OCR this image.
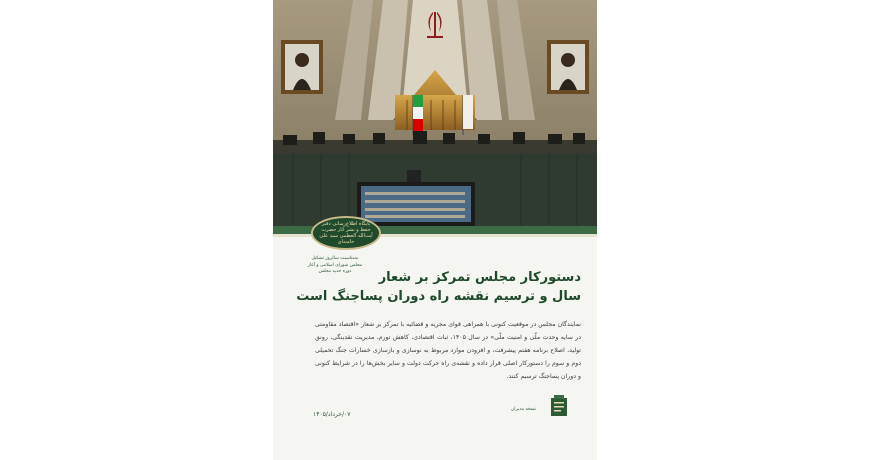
پایگاه اطلاع‌رسانی دفتر حفظ و نشر آثار حضرت آیت‌الله العظمی سید علی خامنه‌ای
به‌مناسبت سالروز تشکیل مجلس شورای اسلامی و آغاز دوره جدید مجلس	دستورکار مجلس تمرکز بر شعار
سال و ترسیم نقشه راه دوران پساجنگ است

نمایندگان مجلس در موقعیت کنونی با همراهی قوای مجریه و قضائیه با تمرکز بر شعار «اقتصاد مقاومتی در سایه وحدت ملّی و امنیت ملّی» در سال ۱۴۰۵، ثبات اقتصادی، کاهش تورم، مدیریت نقدینگی، رونق تولید، اصلاح برنامه هفتم پیشرفت، و افزودن موارد مربوط به نوسازی و بازسازی خسارات جنگ تحمیلی دوم و سوم را دستورکار اصلی قرار داده و نقشه‌ی راه حرکت دولت و سایر بخش‌ها را در شرایط کنونی و دوران پساجنگ ترسیم کنند.

۰۷/خرداد/۱۴۰۵
نسخه مدیران
